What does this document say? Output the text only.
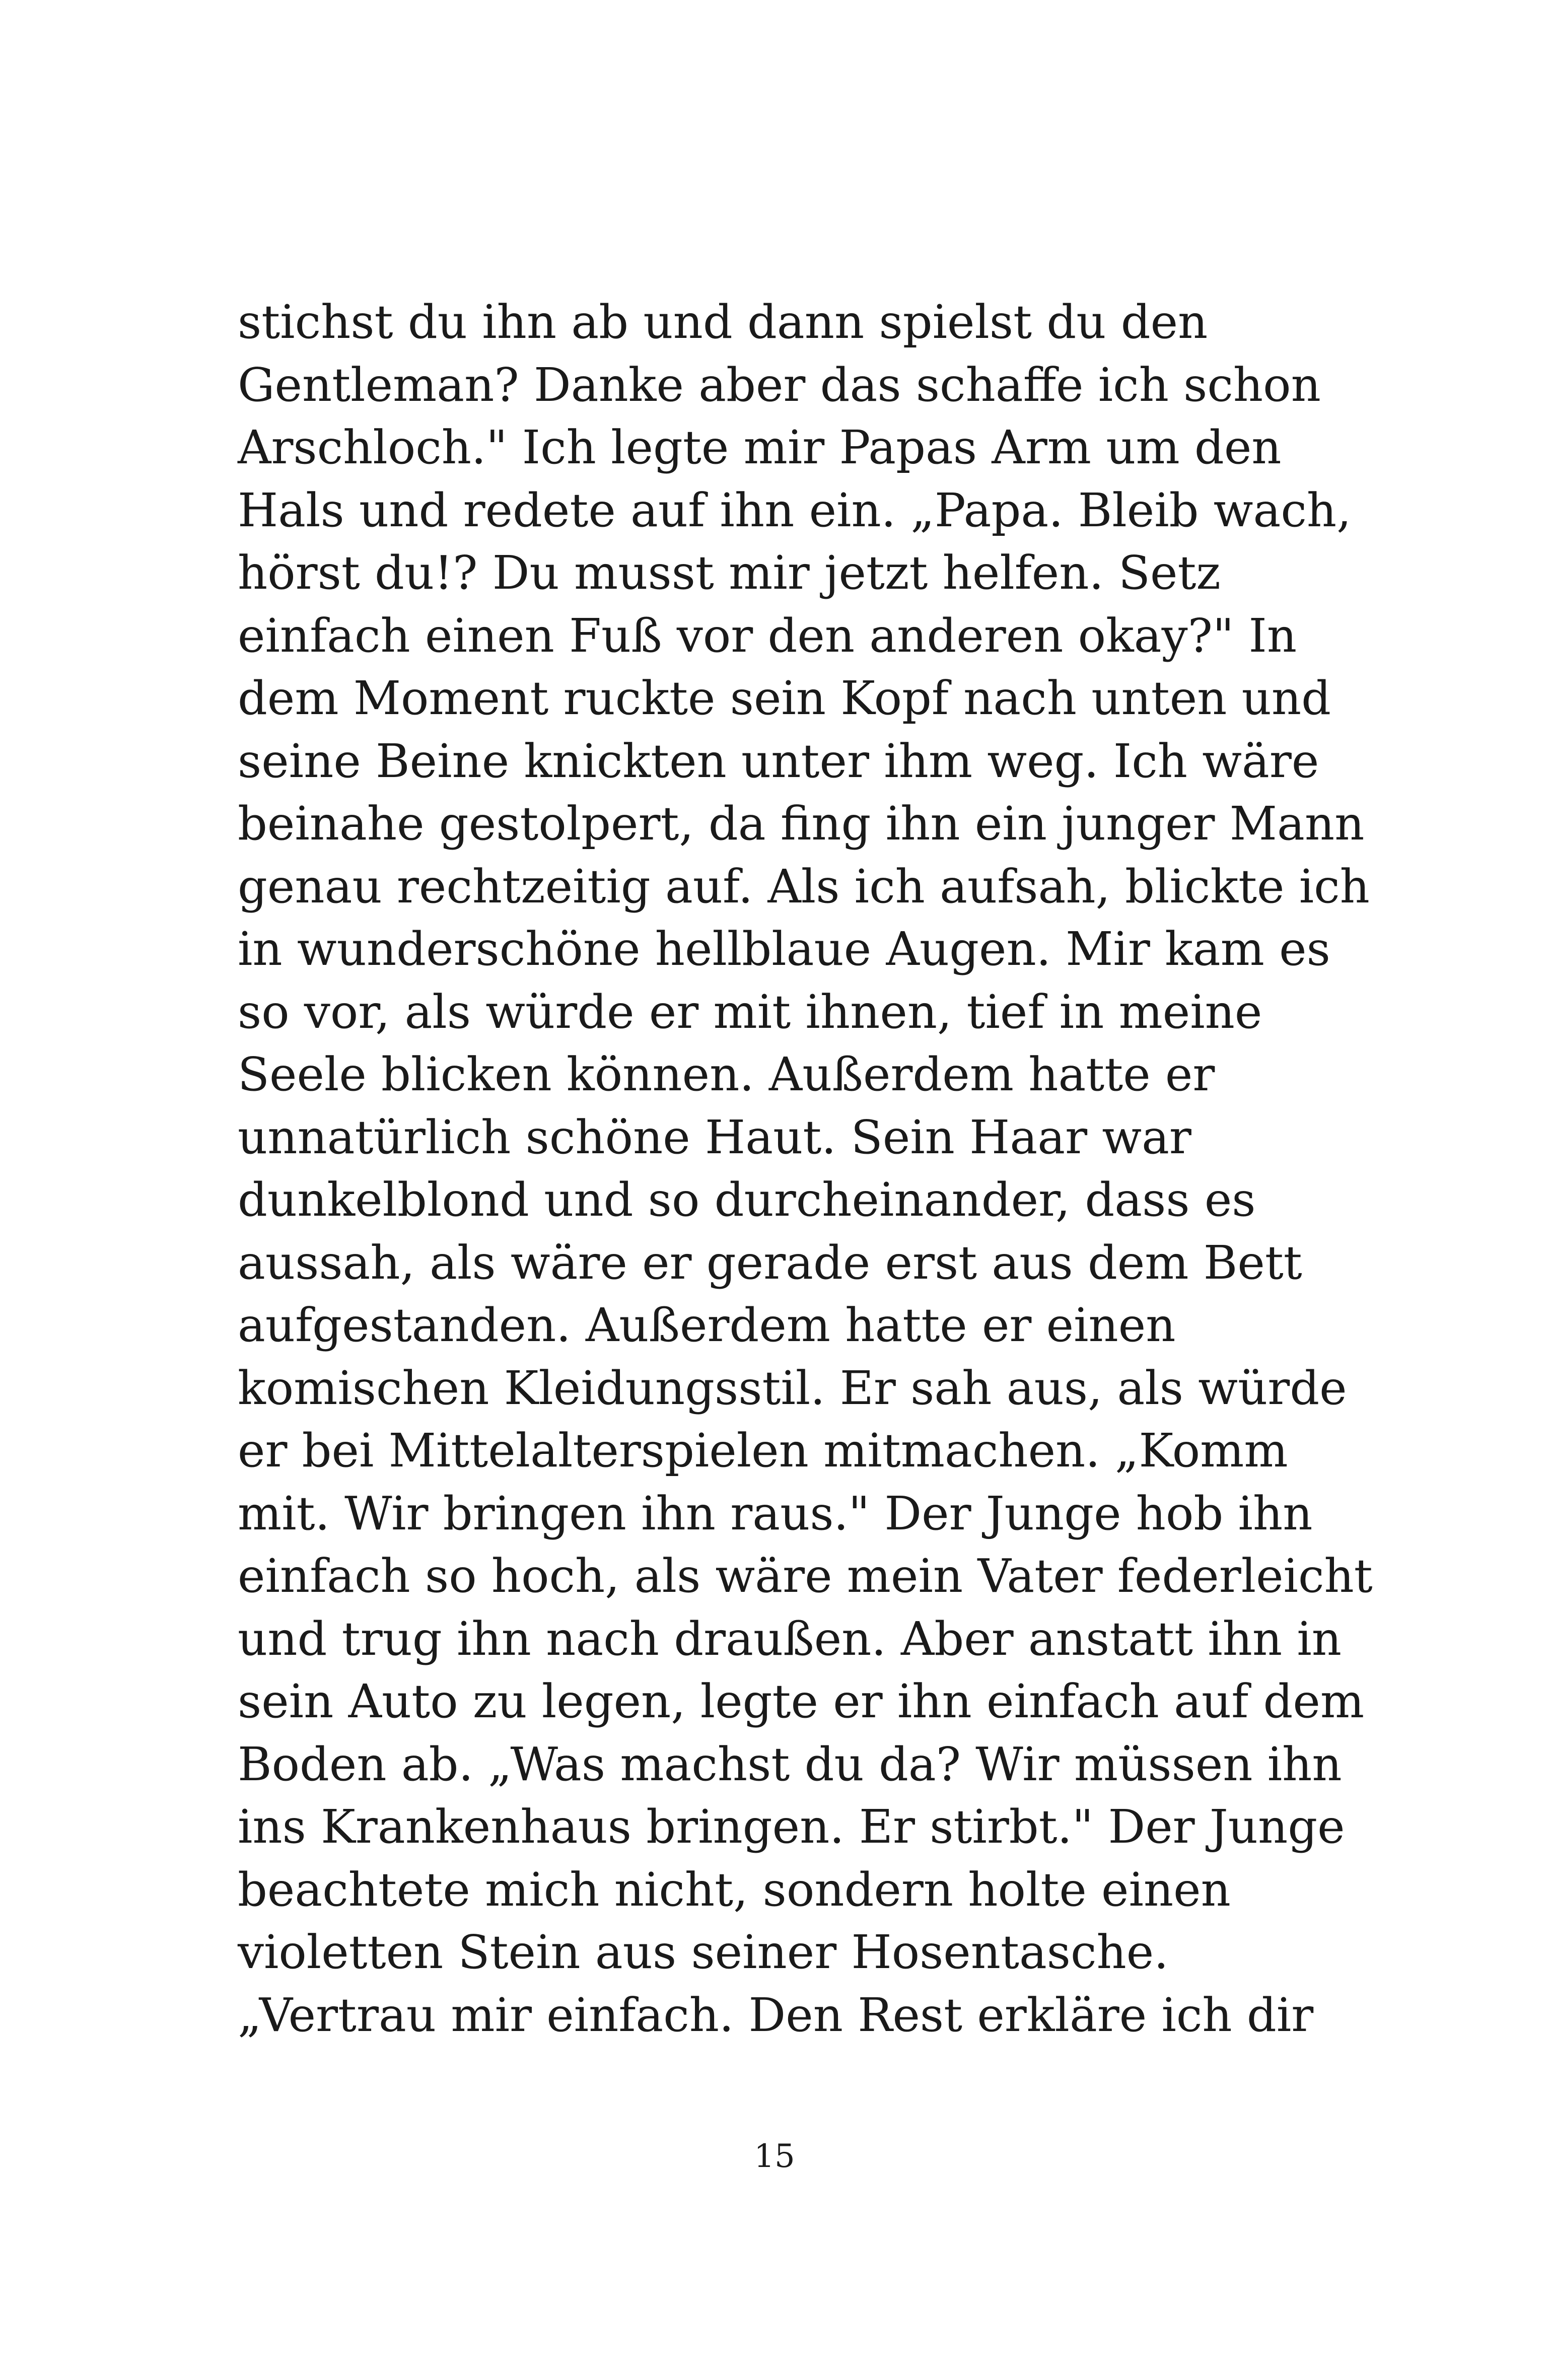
stichst du ihn ab und dann spielst du den
Gentleman? Danke aber das schaffe ich schon
Arschloch." Ich legte mir Papas Arm um den
Hals und redete auf ihn ein. „Papa. Bleib wach,
hörst du!? Du musst mir jetzt helfen. Setz
einfach einen Fuß vor den anderen okay?" In
dem Moment ruckte sein Kopf nach unten und
seine Beine knickten unter ihm weg. Ich wäre
beinahe gestolpert, da fing ihn ein junger Mann
genau rechtzeitig auf. Als ich aufsah, blickte ich
in wunderschöne hellblaue Augen. Mir kam es
so vor, als würde er mit ihnen, tief in meine
Seele blicken können. Außerdem hatte er
unnatürlich schöne Haut. Sein Haar war
dunkelblond und so durcheinander, dass es
aussah, als wäre er gerade erst aus dem Bett
aufgestanden. Außerdem hatte er einen
komischen Kleidungsstil. Er sah aus, als würde
er bei Mittelalterspielen mitmachen. „Komm
mit. Wir bringen ihn raus." Der Junge hob ihn
einfach so hoch, als wäre mein Vater federleicht
und trug ihn nach draußen. Aber anstatt ihn in
sein Auto zu legen, legte er ihn einfach auf dem
Boden ab. „Was machst du da? Wir müssen ihn
ins Krankenhaus bringen. Er stirbt." Der Junge
beachtete mich nicht, sondern holte einen
violetten Stein aus seiner Hosentasche.
„Vertrau mir einfach. Den Rest erkläre ich dir
15
